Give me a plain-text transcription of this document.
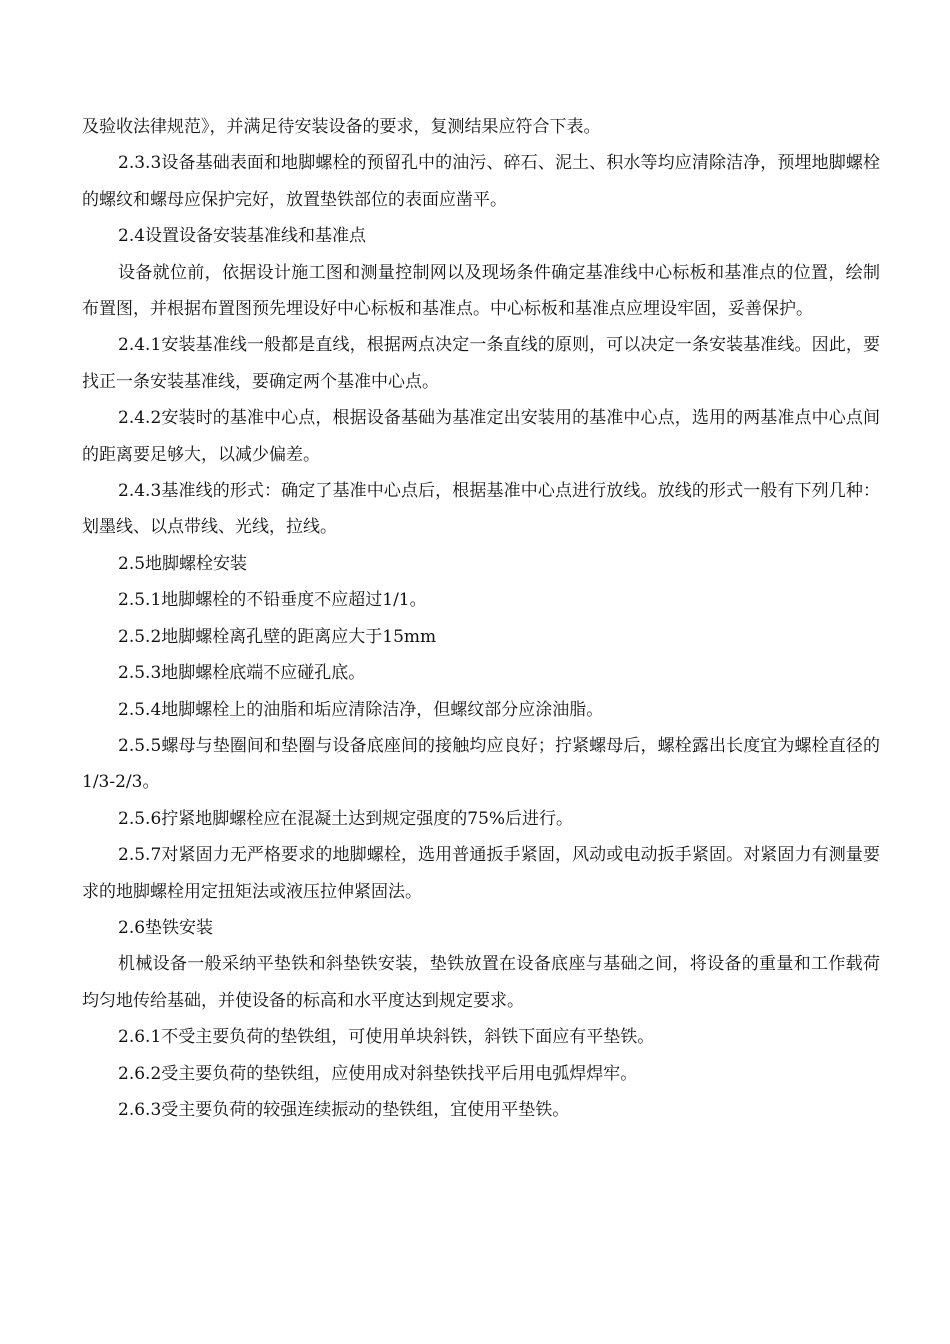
及验收法律规范》，并满足待安装设备的要求，复测结果应符合下表。

2.3.3设备基础表面和地脚螺栓的预留孔中的油污、碎石、泥土、积水等均应清除洁净，预埋地脚螺栓的螺纹和螺母应保护完好，放置垫铁部位的表面应凿平。

2.4设置设备安装基准线和基准点

设备就位前，依据设计施工图和测量控制网以及现场条件确定基准线中心标板和基准点的位置，绘制布置图，并根据布置图预先埋设好中心标板和基准点。中心标板和基准点应埋设牢固，妥善保护。

2.4.1安装基准线一般都是直线，根据两点决定一条直线的原则，可以决定一条安装基准线。因此，要找正一条安装基准线，要确定两个基准中心点。

2.4.2安装时的基准中心点，根据设备基础为基准定出安装用的基准中心点，选用的两基准点中心点间的距离要足够大，以减少偏差。

2.4.3基准线的形式：确定了基准中心点后，根据基准中心点进行放线。放线的形式一般有下列几种：划墨线、以点带线、光线，拉线。

2.5地脚螺栓安装

2.5.1地脚螺栓的不铅垂度不应超过1/1。

2.5.2地脚螺栓离孔壁的距离应大于15mm

2.5.3地脚螺栓底端不应碰孔底。

2.5.4地脚螺栓上的油脂和垢应清除洁净，但螺纹部分应涂油脂。

2.5.5螺母与垫圈间和垫圈与设备底座间的接触均应良好；拧紧螺母后，螺栓露出长度宜为螺栓直径的1/3-2/3。

2.5.6拧紧地脚螺栓应在混凝土达到规定强度的75%后进行。

2.5.7对紧固力无严格要求的地脚螺栓，选用普通扳手紧固，风动或电动扳手紧固。对紧固力有测量要求的地脚螺栓用定扭矩法或液压拉伸紧固法。

2.6垫铁安装

机械设备一般采纳平垫铁和斜垫铁安装，垫铁放置在设备底座与基础之间，将设备的重量和工作载荷均匀地传给基础，并使设备的标高和水平度达到规定要求。

2.6.1不受主要负荷的垫铁组，可使用单块斜铁，斜铁下面应有平垫铁。

2.6.2受主要负荷的垫铁组，应使用成对斜垫铁找平后用电弧焊焊牢。

2.6.3受主要负荷的较强连续振动的垫铁组，宜使用平垫铁。
